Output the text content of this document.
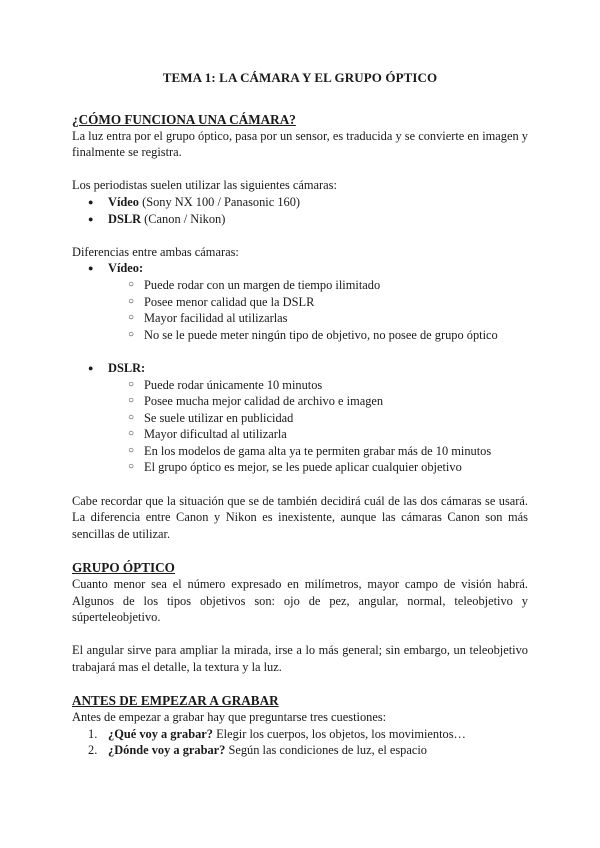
TEMA 1: LA CÁMARA Y EL GRUPO ÓPTICO

¿CÓMO FUNCIONA UNA CÁMARA?

La luz entra por el grupo óptico, pasa por un sensor, es traducida y se convierte en imagen y finalmente se registra.

Los periodistas suelen utilizar las siguientes cámaras:

● Vídeo (Sony NX 100 / Panasonic 160)
● DSLR (Canon / Nikon)

Diferencias entre ambas cámaras:

● Vídeo:
○ Puede rodar con un margen de tiempo ilimitado
○ Posee menor calidad que la DSLR
○ Mayor facilidad al utilizarlas
○ No se le puede meter ningún tipo de objetivo, no posee de grupo óptico
● DSLR:
○ Puede rodar únicamente 10 minutos
○ Posee mucha mejor calidad de archivo e imagen
○ Se suele utilizar en publicidad
○ Mayor dificultad al utilizarla
○ En los modelos de gama alta ya te permiten grabar más de 10 minutos
○ El grupo óptico es mejor, se les puede aplicar cualquier objetivo

Cabe recordar que la situación que se de también decidirá cuál de las dos cámaras se usará. La diferencia entre Canon y Nikon es inexistente, aunque las cámaras Canon son más sencillas de utilizar.

GRUPO ÓPTICO

Cuanto menor sea el número expresado en milímetros, mayor campo de visión habrá. Algunos de los tipos objetivos son: ojo de pez, angular, normal, teleobjetivo y súperteleobjetivo.

El angular sirve para ampliar la mirada, irse a lo más general; sin embargo, un teleobjetivo trabajará mas el detalle, la textura y la luz.

ANTES DE EMPEZAR A GRABAR

Antes de empezar a grabar hay que preguntarse tres cuestiones:

1. ¿Qué voy a grabar? Elegir los cuerpos, los objetos, los movimientos…
2. ¿Dónde voy a grabar? Según las condiciones de luz, el espacio
